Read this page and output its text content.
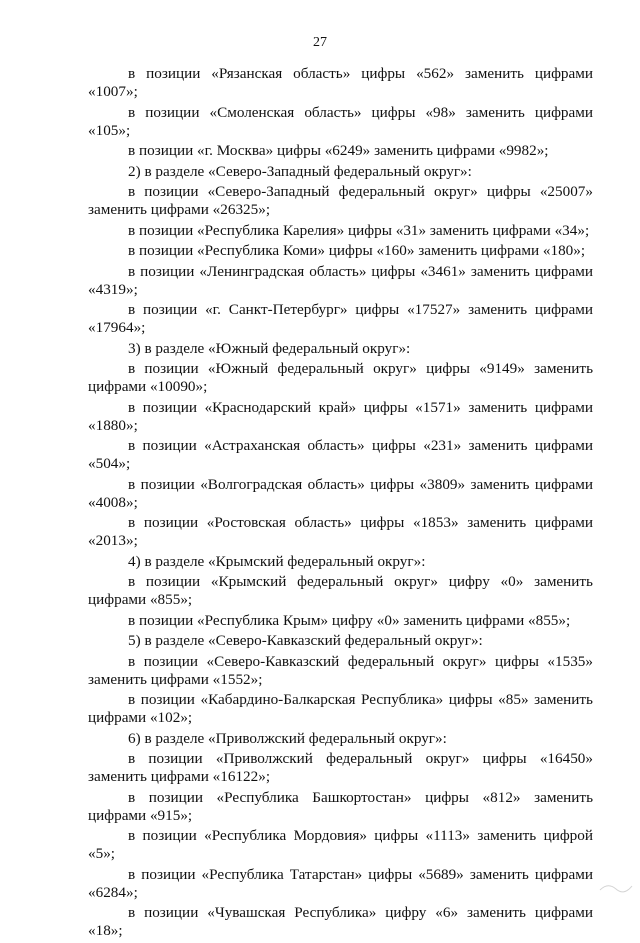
27

в позиции «Рязанская область» цифры «562» заменить цифрами «1007»;

в позиции «Смоленская область» цифры «98» заменить цифрами «105»;

в позиции «г. Москва» цифры «6249» заменить цифрами «9982»;

2) в разделе «Северо-Западный федеральный округ»:

в позиции «Северо-Западный федеральный округ» цифры «25007» заменить цифрами «26325»;

в позиции «Республика Карелия» цифры «31» заменить цифрами «34»;

в позиции «Республика Коми» цифры «160» заменить цифрами «180»;

в позиции «Ленинградская область» цифры «3461» заменить цифрами «4319»;

в позиции «г. Санкт-Петербург» цифры «17527» заменить цифрами «17964»;

3) в разделе «Южный федеральный округ»:

в позиции «Южный федеральный округ» цифры «9149» заменить цифрами «10090»;

в позиции «Краснодарский край» цифры «1571» заменить цифрами «1880»;

в позиции «Астраханская область» цифры «231» заменить цифрами «504»;

в позиции «Волгоградская область» цифры «3809» заменить цифрами «4008»;

в позиции «Ростовская область» цифры «1853» заменить цифрами «2013»;

4) в разделе «Крымский федеральный округ»:

в позиции «Крымский федеральный округ» цифру «0» заменить цифрами «855»;

в позиции «Республика Крым» цифру «0» заменить цифрами «855»;

5) в разделе «Северо-Кавказский федеральный округ»:

в позиции «Северо-Кавказский федеральный округ» цифры «1535» заменить цифрами «1552»;

в позиции «Кабардино-Балкарская Республика» цифры «85» заменить цифрами «102»;

6) в разделе «Приволжский федеральный округ»:

в позиции «Приволжский федеральный округ» цифры «16450» заменить цифрами «16122»;

в позиции «Республика Башкортостан» цифры «812» заменить цифрами «915»;

в позиции «Республика Мордовия» цифры «1113» заменить цифрой «5»;

в позиции «Республика Татарстан» цифры «5689» заменить цифрами «6284»;

в позиции «Чувашская Республика» цифру «6» заменить цифрами «18»;
